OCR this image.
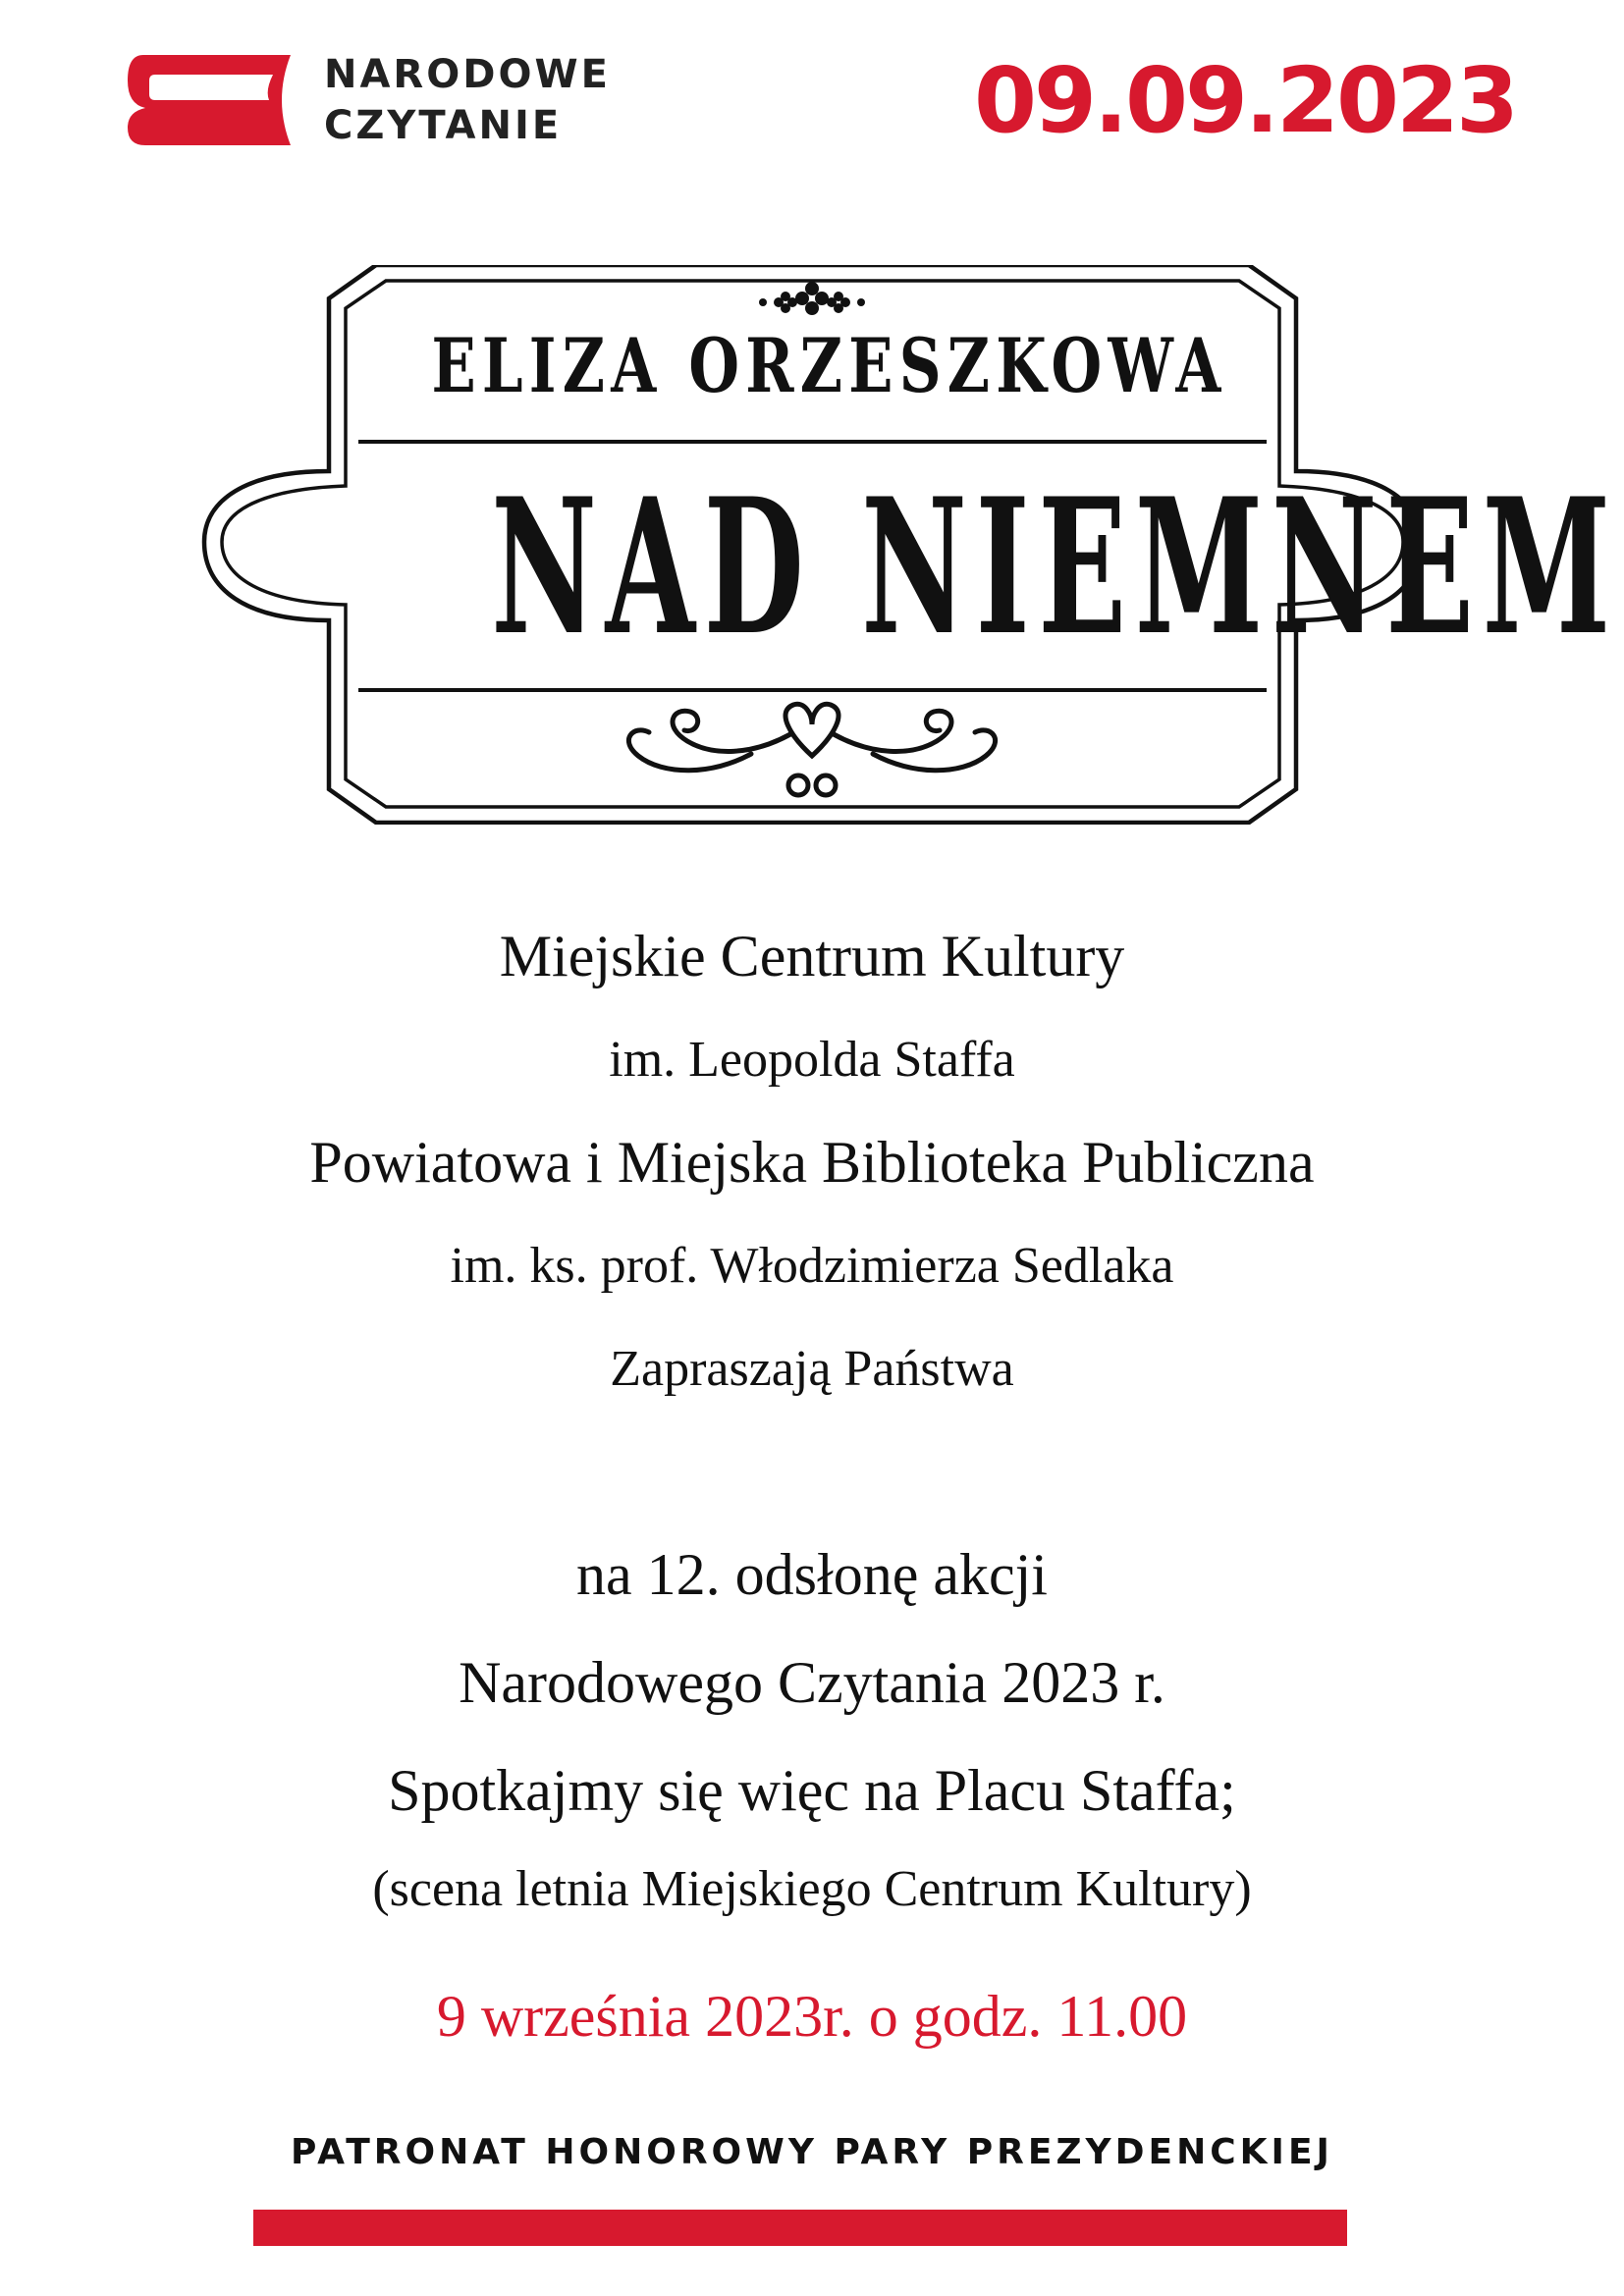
NARODOWE
CZYTANIE	09.09.2023
ELIZA ORZESZKOWA
NAD NIEMNEM
Miejskie Centrum Kultury
im. Leopolda Staffa
Powiatowa i Miejska Biblioteka Publiczna
im. ks. prof. Włodzimierza Sedlaka
Zapraszają Państwa
na 12. odsłonę akcji
Narodowego Czytania 2023 r.
Spotkajmy się więc na Placu Staffa;
(scena letnia Miejskiego Centrum Kultury)
9 września 2023r. o godz. 11.00
PATRONAT HONOROWY PARY PREZYDENCKIEJ
